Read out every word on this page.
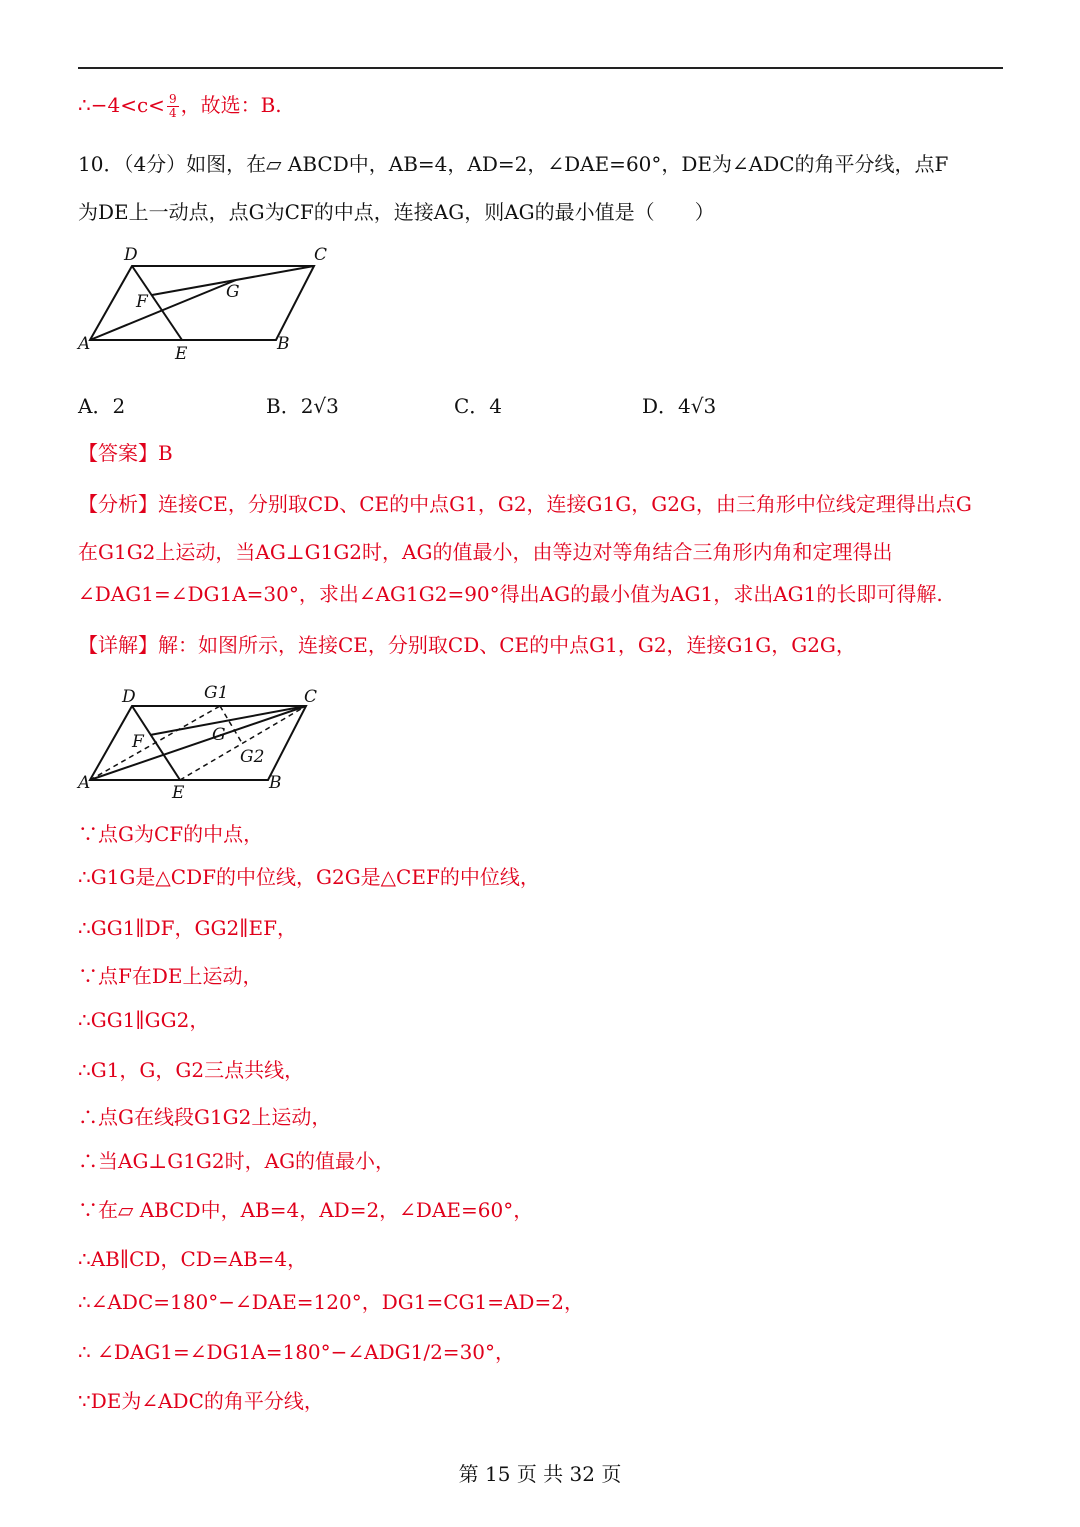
∴−4<c< $\frac{9}{4}$ ，故选：B.
10．（4分）如图，在▱ ABCD中，AB=4，AD=2，∠DAE=60°，DE为∠ADC的角平分线，点F
为DE上一动点，点G为CF的中点，连接AG，则AG的最小值是（　　）
D	C
F	G
A	E	B
A．2	B．2√3	C．4	D．4√3
【答案】B
【分析】连接CE，分别取CD、CE的中点G1，G2，连接G1G，G2G，由三角形中位线定理得出点G
在G1G2上运动，当AG⊥G1G2时，AG的值最小，由等边对等角结合三角形内角和定理得出
∠DAG1=∠DG1A=30°，求出∠AG1G2=90°得出AG的最小值为AG1，求出AG1的长即可得解.
【详解】解：如图所示，连接CE，分别取CD、CE的中点G1，G2，连接G1G，G2G，
D	G1	C
F	G
G2
A	E	B
∵点G为CF的中点，
∴G1G是△CDF的中位线，G2G是△CEF的中位线，
∴GG1∥DF，GG2∥EF，
∵点F在DE上运动，
∴GG1∥GG2，
∴G1，G，G2三点共线，
∴点G在线段G1G2上运动，
∴当AG⊥G1G2时，AG的值最小，
∵在▱ ABCD中，AB=4，AD=2，∠DAE=60°，
∴AB∥CD，CD=AB=4，
∴∠ADC=180°−∠DAE=120°，DG1=CG1=AD=2，
∴ ∠DAG1=∠DG1A=180°−∠ADG1/2=30°，
∵DE为∠ADC的角平分线，
第 15 页 共 32 页
